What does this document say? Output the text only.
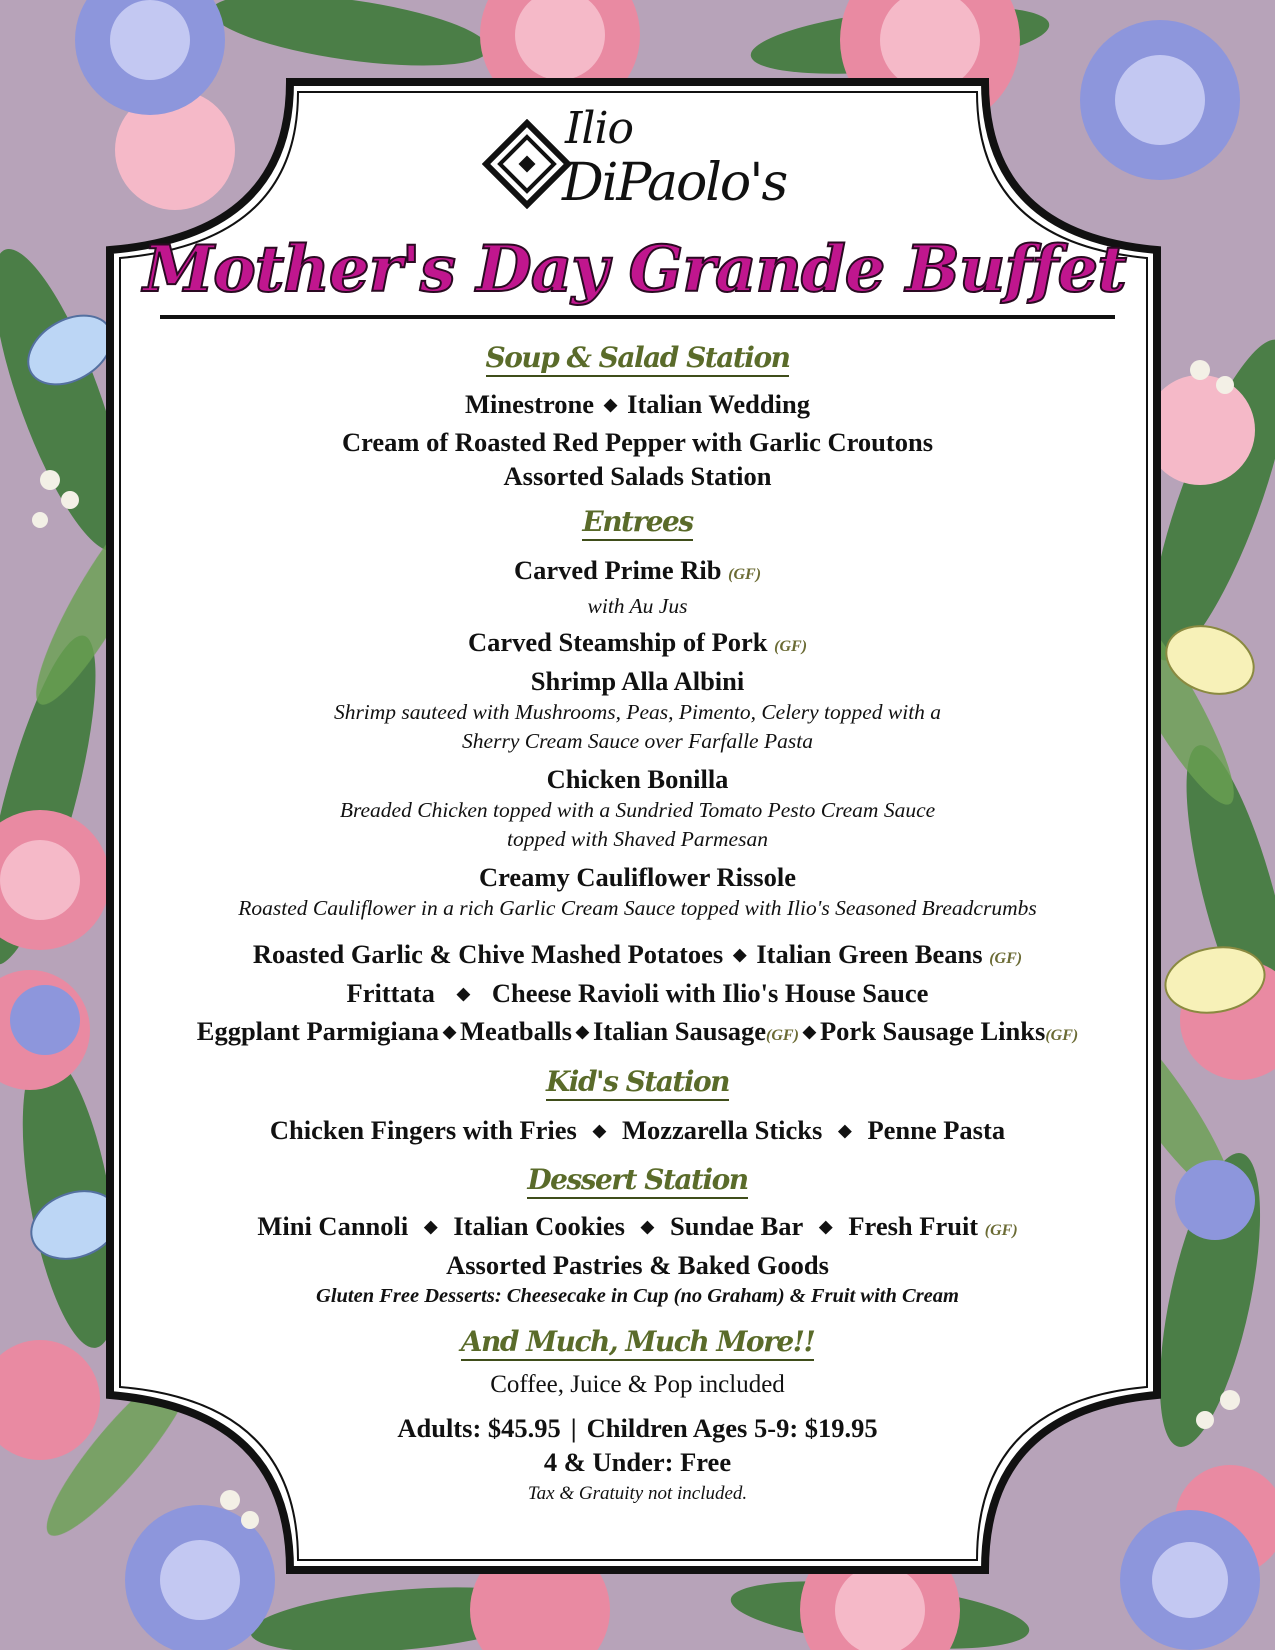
Ilio
DiPaolo's
Mother's Day Grande Buffet
Soup & Salad Station
Minestrone ◆ Italian Wedding
Cream of Roasted Red Pepper with Garlic Croutons
Assorted Salads Station
Entrees
Carved Prime Rib (GF)
with Au Jus
Carved Steamship of Pork (GF)
Shrimp Alla Albini
Shrimp sauteed with Mushrooms, Peas, Pimento, Celery topped with a
Sherry Cream Sauce over Farfalle Pasta
Chicken Bonilla
Breaded Chicken topped with a Sundried Tomato Pesto Cream Sauce
topped with Shaved Parmesan
Creamy Cauliflower Rissole
Roasted Cauliflower in a rich Garlic Cream Sauce topped with Ilio's Seasoned Breadcrumbs
Roasted Garlic & Chive Mashed Potatoes ◆ Italian Green Beans (GF)
Frittata ◆ Cheese Ravioli with Ilio's House Sauce
Eggplant Parmigiana ◆ Meatballs ◆ Italian Sausage(GF) ◆ Pork Sausage Links(GF)
Kid's Station
Chicken Fingers with Fries ◆ Mozzarella Sticks ◆ Penne Pasta
Dessert Station
Mini Cannoli ◆ Italian Cookies ◆ Sundae Bar ◆ Fresh Fruit (GF)
Assorted Pastries & Baked Goods
Gluten Free Desserts: Cheesecake in Cup (no Graham) & Fruit with Cream
And Much, Much More!!
Coffee, Juice & Pop included
Adults: $45.95 | Children Ages 5-9: $19.95
4 & Under: Free
Tax & Gratuity not included.
